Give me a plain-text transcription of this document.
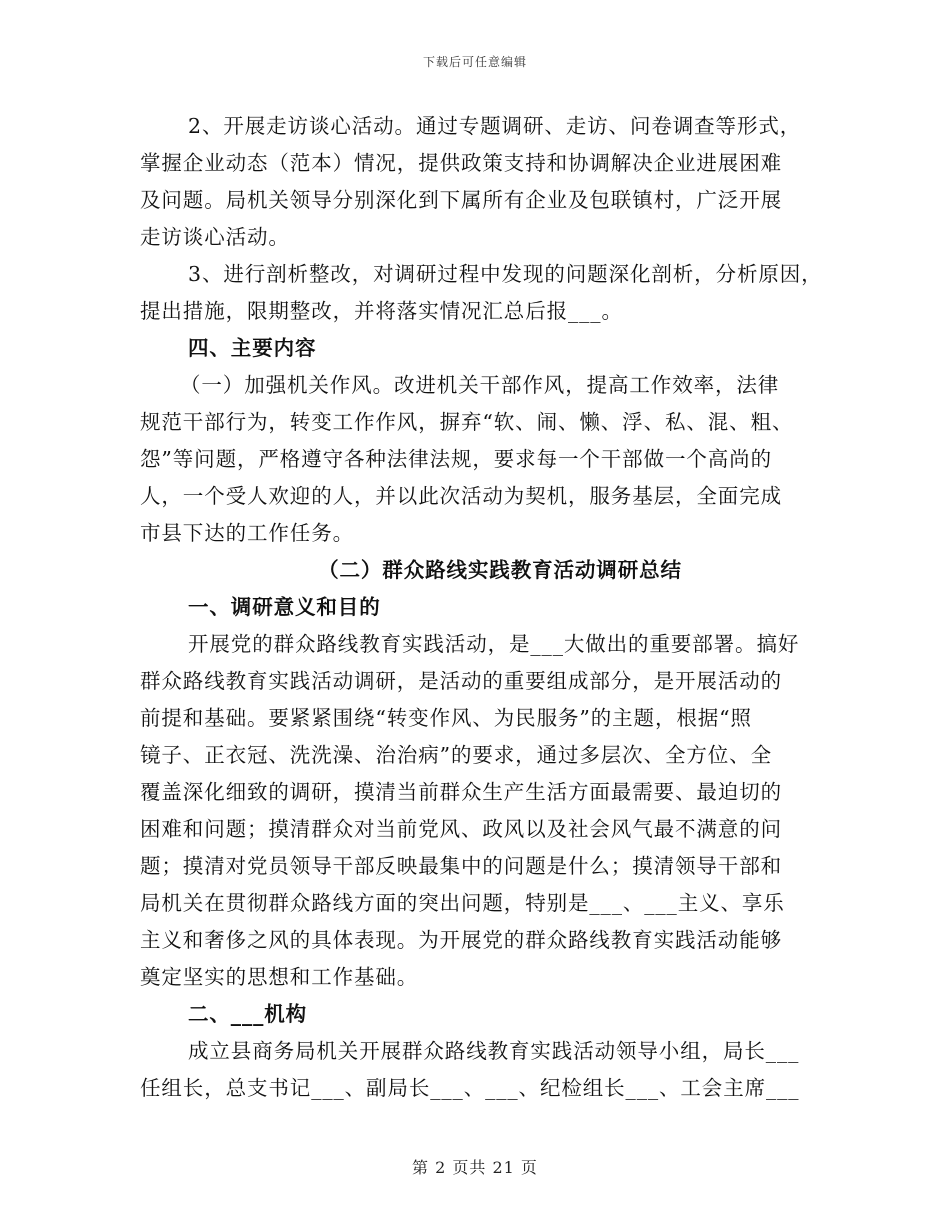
下载后可任意编辑
2、开展走访谈心活动。通过专题调研、走访、问卷调查等形式，
掌握企业动态（范本）情况，提供政策支持和协调解决企业进展困难
及问题。局机关领导分别深化到下属所有企业及包联镇村，广泛开展
走访谈心活动。
3、进行剖析整改，对调研过程中发现的问题深化剖析，分析原因，
提出措施，限期整改，并将落实情况汇总后报___。
四、主要内容
（一）加强机关作风。改进机关干部作风，提高工作效率，法律
规范干部行为，转变工作作风，摒弃“软、闹、懒、浮、私、混、粗、
怨”等问题，严格遵守各种法律法规，要求每一个干部做一个高尚的
人，一个受人欢迎的人，并以此次活动为契机，服务基层，全面完成
市县下达的工作任务。
（二）群众路线实践教育活动调研总结
一、调研意义和目的
开展党的群众路线教育实践活动，是___大做出的重要部署。搞好
群众路线教育实践活动调研，是活动的重要组成部分，是开展活动的
前提和基础。要紧紧围绕“转变作风、为民服务”的主题，根据“照
镜子、正衣冠、洗洗澡、治治病”的要求，通过多层次、全方位、全
覆盖深化细致的调研，摸清当前群众生产生活方面最需要、最迫切的
困难和问题；摸清群众对当前党风、政风以及社会风气最不满意的问
题；摸清对党员领导干部反映最集中的问题是什么；摸清领导干部和
局机关在贯彻群众路线方面的突出问题，特别是___、___主义、享乐
主义和奢侈之风的具体表现。为开展党的群众路线教育实践活动能够
奠定坚实的思想和工作基础。
二、___机构
成立县商务局机关开展群众路线教育实践活动领导小组，局长___
任组长，总支书记___、副局长___、___、纪检组长___、工会主席___
第 2 页共 21 页
